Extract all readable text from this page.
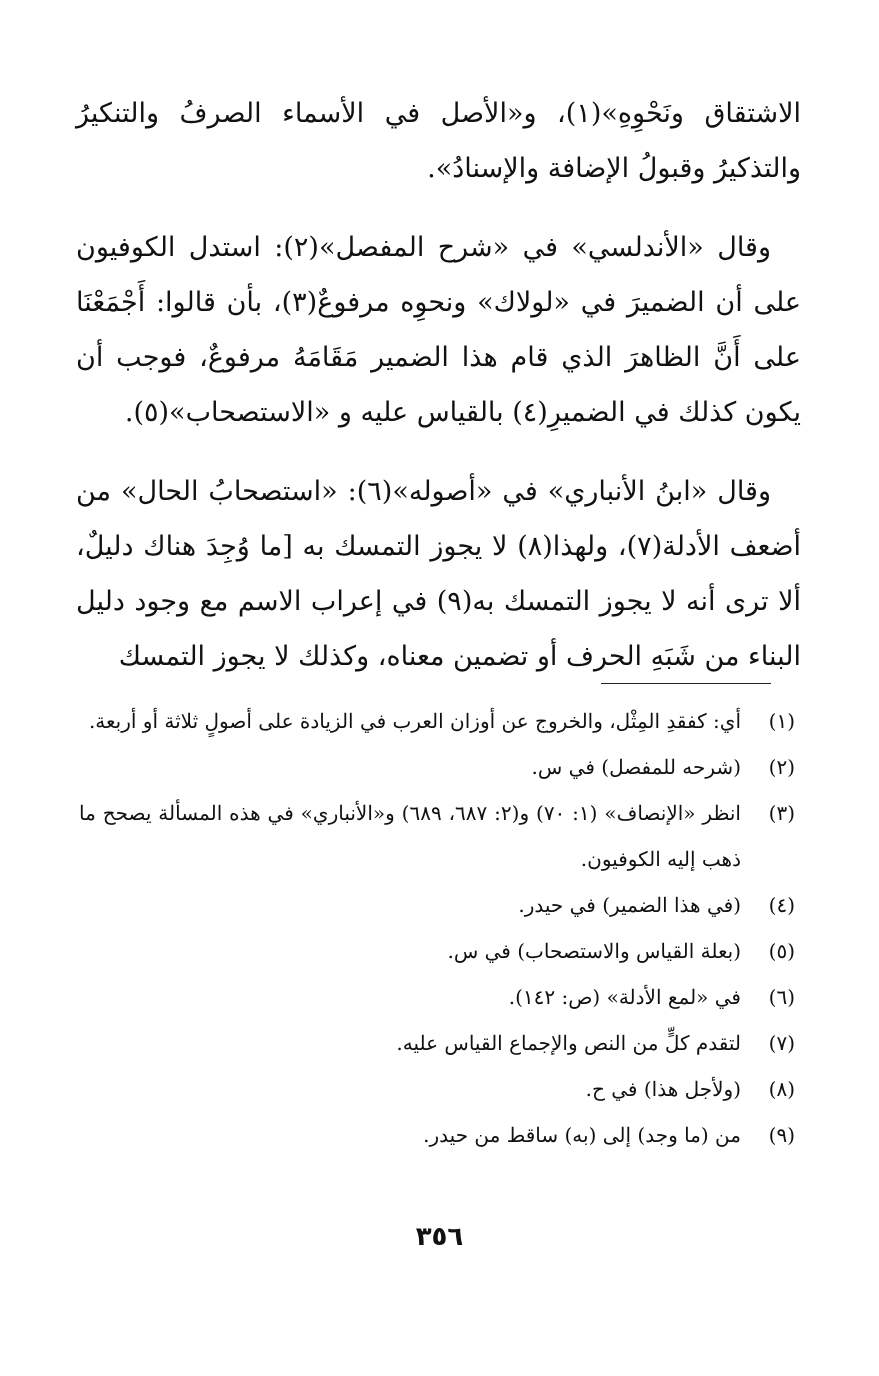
الاشتقاق ونَحْوِهِ»(١)، و«الأصل في الأسماء الصرفُ والتنكيرُ والتذكيرُ وقبولُ الإضافة والإسنادُ».

وقال «الأندلسي» في «شرح المفصل»(٢): استدل الكوفيون على أن الضميرَ في «لولاك» ونحوِه مرفوعٌ(٣)، بأن قالوا: أَجْمَعْنَا على أَنَّ الظاهرَ الذي قام هذا الضمير مَقَامَهُ مرفوعٌ، فوجب أن يكون كذلك في الضميرِ(٤) بالقياس عليه و «الاستصحاب»(٥).

وقال «ابنُ الأنباري» في «أصوله»(٦): «استصحابُ الحال» من أضعف الأدلة(٧)، ولهذا(٨) لا يجوز التمسك به [ما وُجِدَ هناك دليلٌ، ألا ترى أنه لا يجوز التمسك به(٩) في إعراب الاسم مع وجود دليل البناء من شَبَهِ الحرف أو تضمين معناه، وكذلك لا يجوز التمسك

(١)
أي: كفقدِ المِثْل، والخروج عن أوزان العرب في الزيادة على أصولٍ ثلاثة أو أربعة.
(٢)
(شرحه للمفصل) في س.
(٣)
انظر «الإنصاف» (١: ٧٠) و(٢: ٦٨٧، ٦٨٩) و«الأنباري» في هذه المسألة يصحح ما ذهب إليه الكوفيون.
(٤)
(في هذا الضمير) في حيدر.
(٥)
(بعلة القياس والاستصحاب) في س.
(٦)
في «لمع الأدلة» (ص: ١٤٢).
(٧)
لتقدم كلٍّ من النص والإجماع القياس عليه.
(٨)
(ولأجل هذا) في ح.
(٩)
من (ما وجد) إلى (به) ساقط من حيدر.
٣٥٦
